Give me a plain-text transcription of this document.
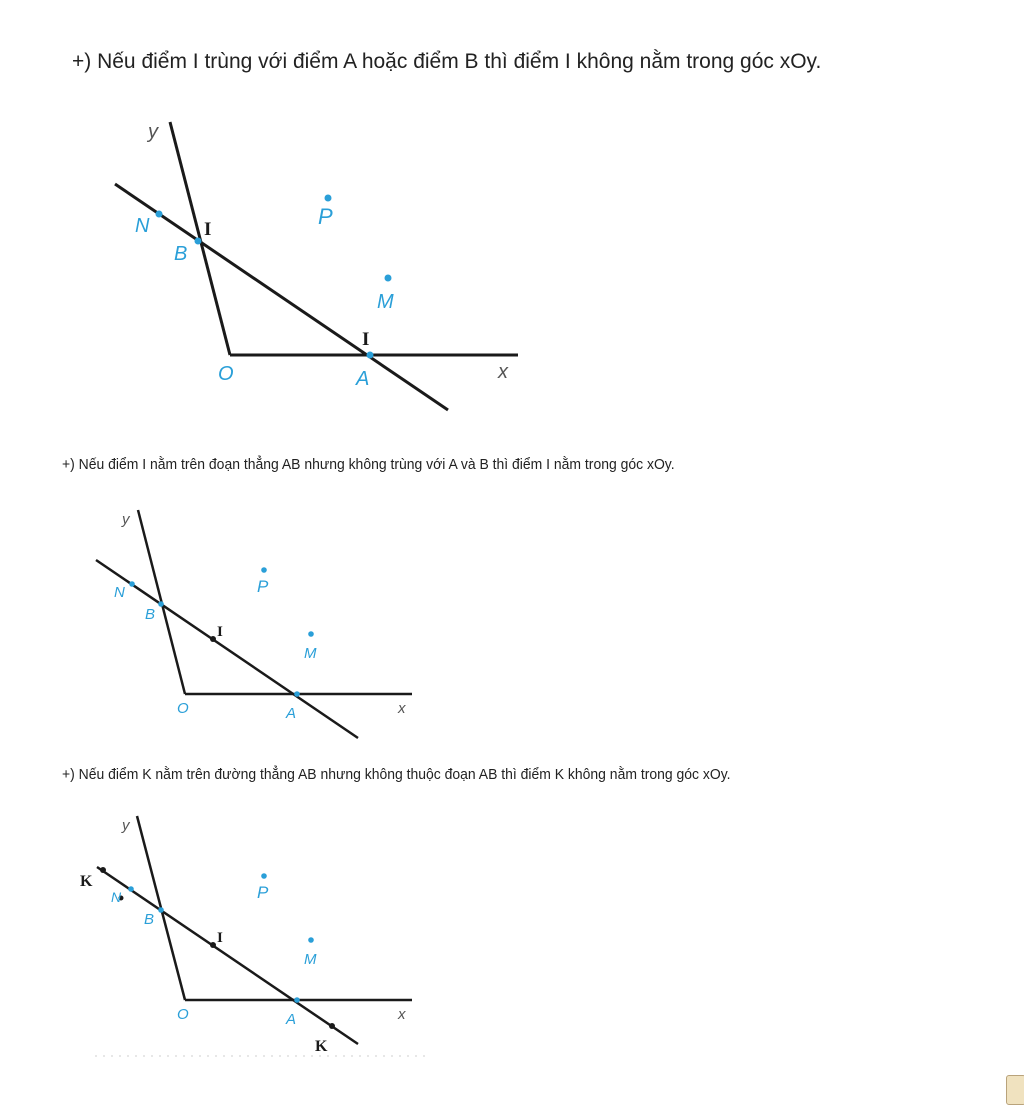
+) Nếu điểm I trùng với điểm A hoặc điểm B thì điểm I không nằm trong góc xOy.

y
N	I
B
P
M
I
O	A	x

+) Nếu điểm I nằm trên đoạn thẳng AB nhưng không trùng với A và B thì điểm I nằm trong góc xOy.

y
N
B
P
I
M
O	A	x

+) Nếu điểm K nằm trên đường thẳng AB nhưng không thuộc đoạn AB thì điểm K không nằm trong góc xOy.

y
K
N
B
P
I
M
O	A	x
K
